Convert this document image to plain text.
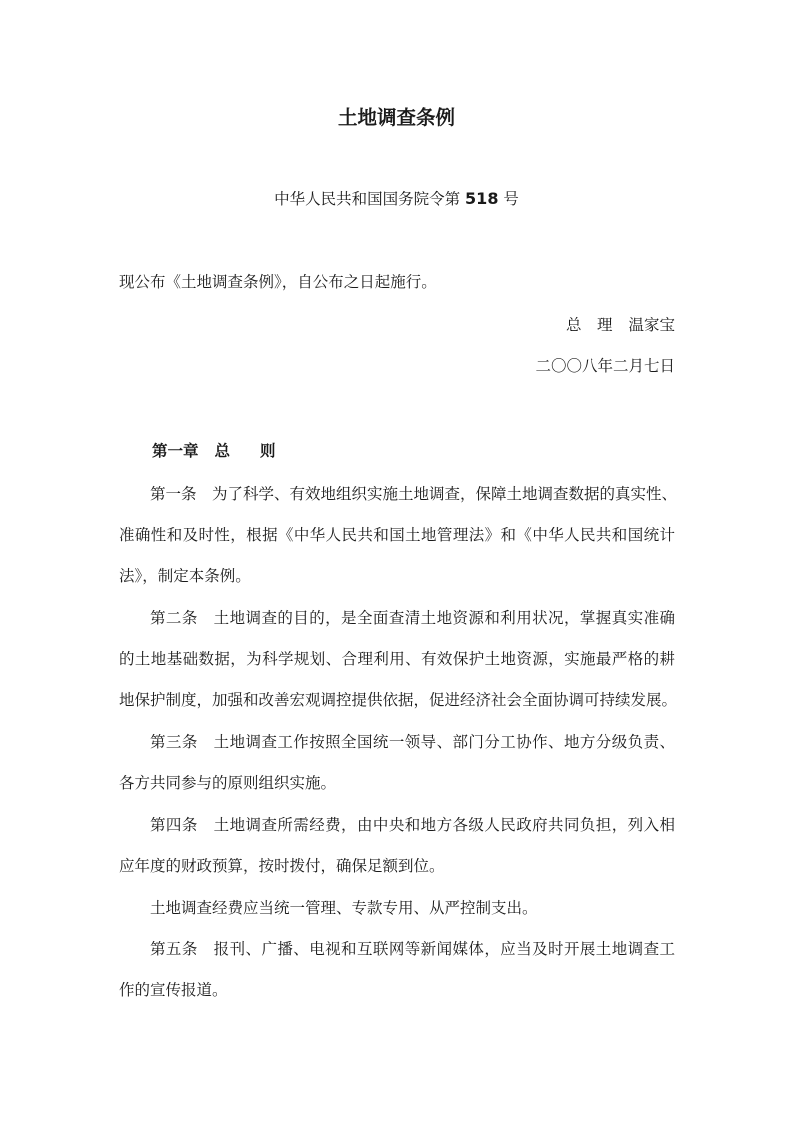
土地调查条例
中华人民共和国国务院令第 518 号
现公布《土地调查条例》，自公布之日起施行。
总　理 温家宝
二〇〇八年二月七日
第一章 总 则
第一条　为了科学、有效地组织实施土地调查，保障土地调查数据的真实性、
准确性和及时性，根据《中华人民共和国土地管理法》和《中华人民共和国统计
法》，制定本条例。
第二条　土地调查的目的，是全面查清土地资源和利用状况，掌握真实准确
的土地基础数据，为科学规划、合理利用、有效保护土地资源，实施最严格的耕
地保护制度，加强和改善宏观调控提供依据，促进经济社会全面协调可持续发展。
第三条　土地调查工作按照全国统一领导、部门分工协作、地方分级负责、
各方共同参与的原则组织实施。
第四条　土地调查所需经费，由中央和地方各级人民政府共同负担，列入相
应年度的财政预算，按时拨付，确保足额到位。
土地调查经费应当统一管理、专款专用、从严控制支出。
第五条　报刊、广播、电视和互联网等新闻媒体，应当及时开展土地调查工
作的宣传报道。
